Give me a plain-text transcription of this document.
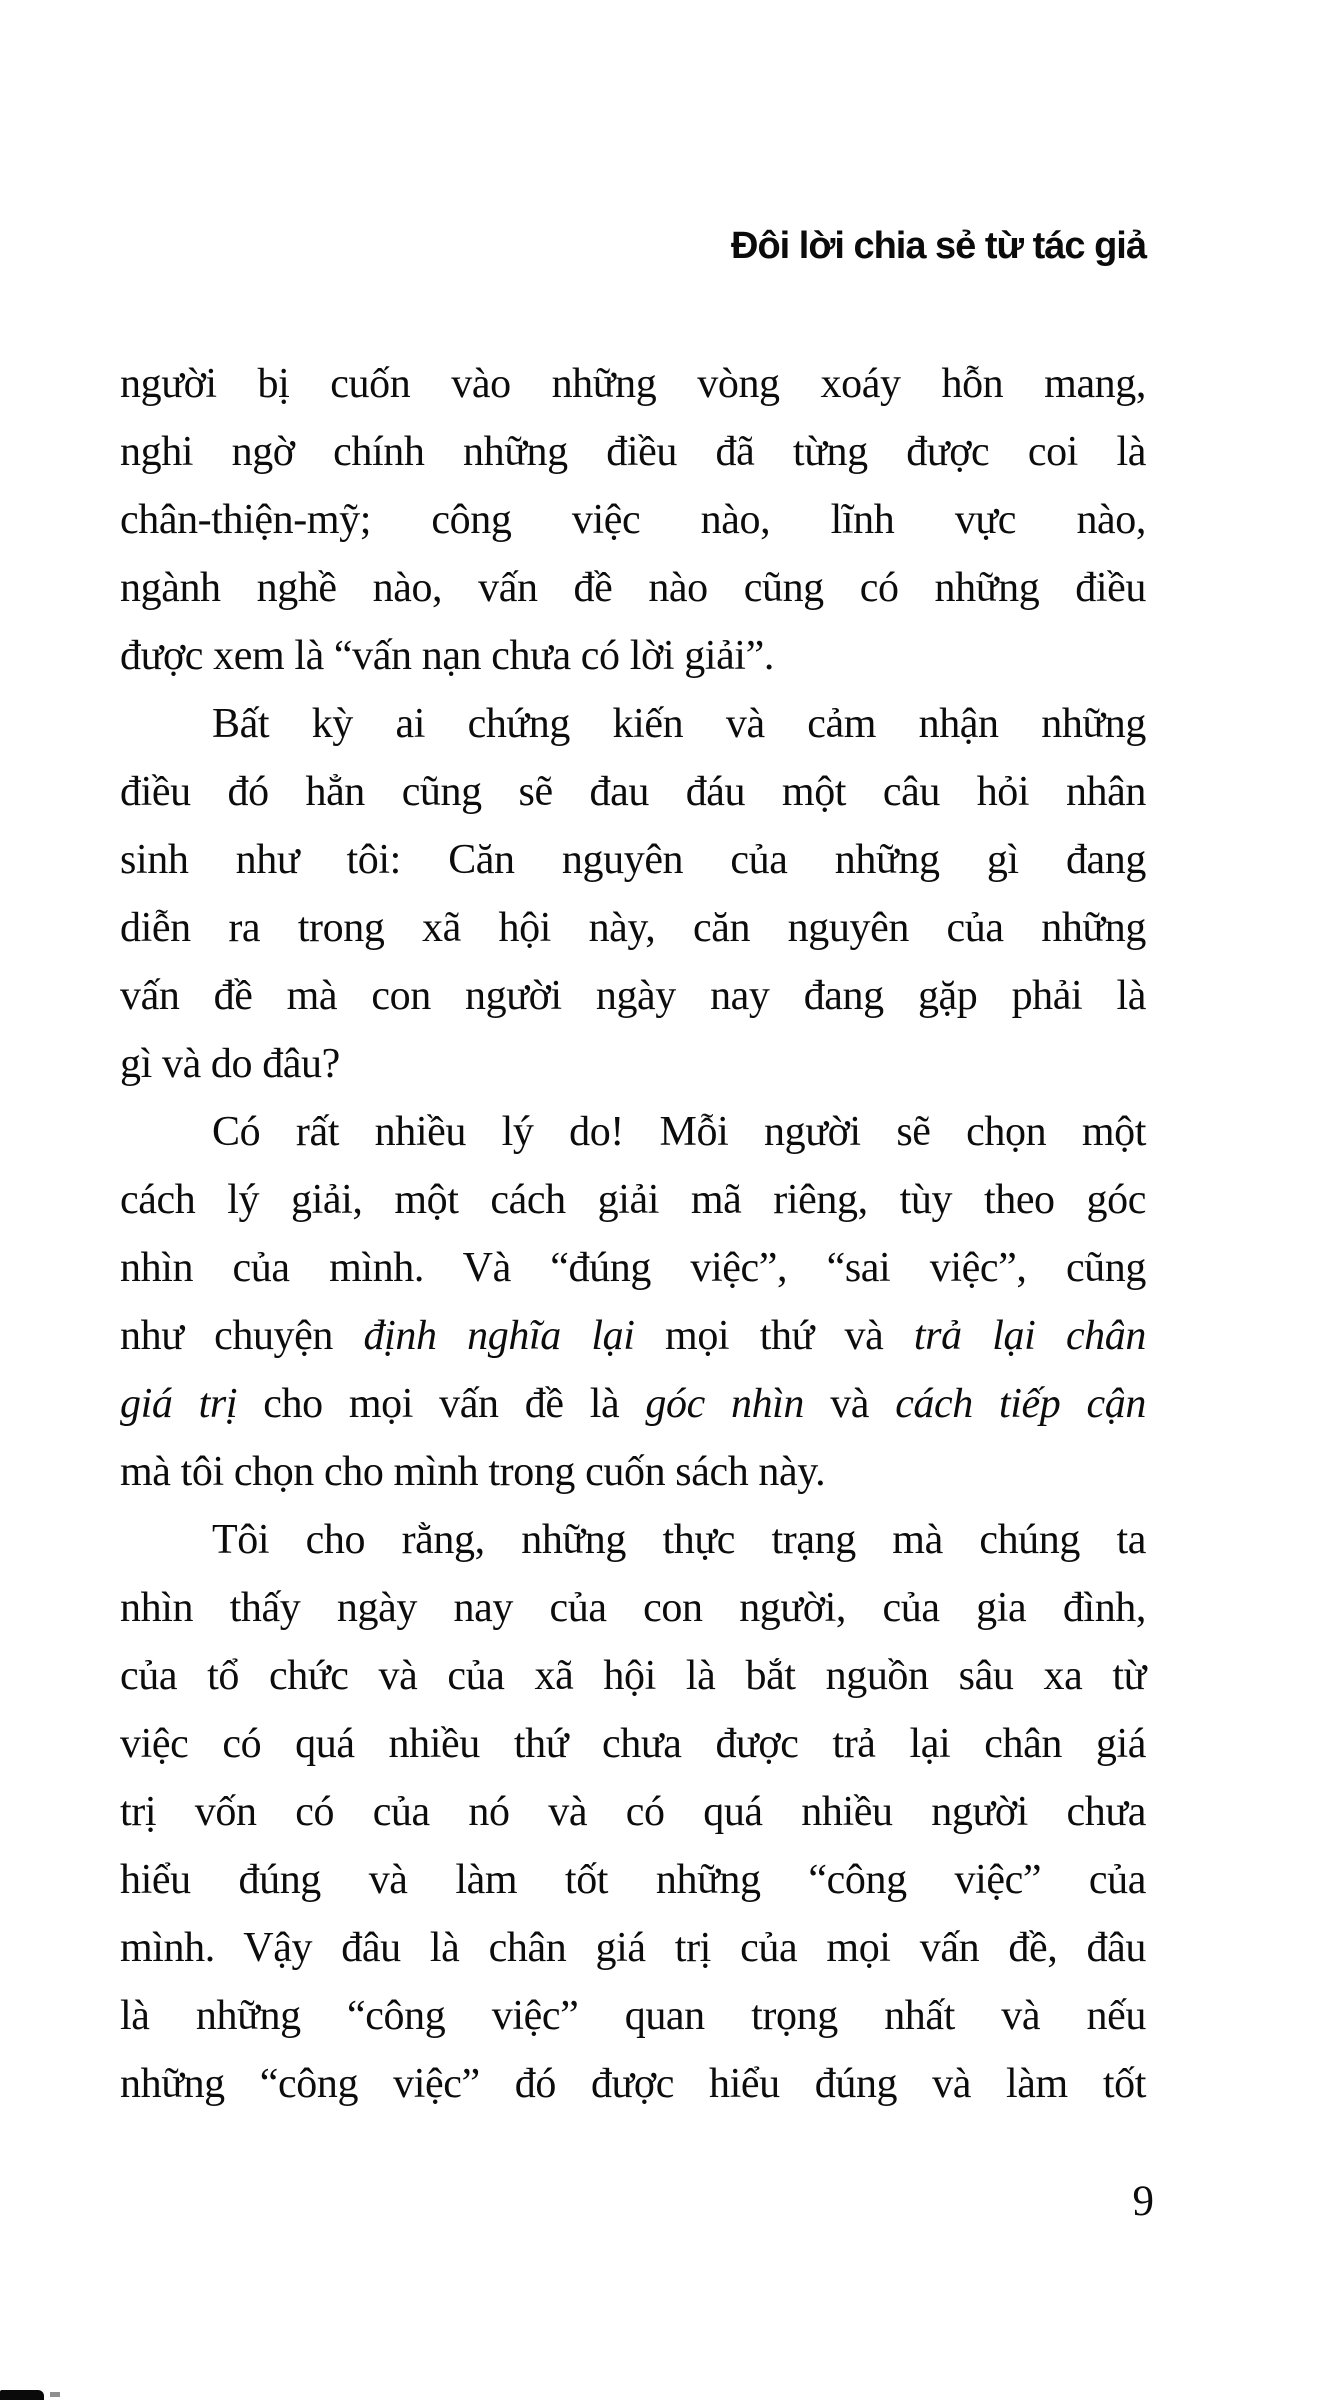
Đôi lời chia sẻ từ tác giả
người bị cuốn vào những vòng xoáy hỗn mang,
nghi ngờ chính những điều đã từng được coi là
chân-thiện-mỹ; công việc nào, lĩnh vực nào,
ngành nghề nào, vấn đề nào cũng có những điều
được xem là “vấn nạn chưa có lời giải”.
Bất kỳ ai chứng kiến và cảm nhận những
điều đó hẳn cũng sẽ đau đáu một câu hỏi nhân
sinh như tôi: Căn nguyên của những gì đang
diễn ra trong xã hội này, căn nguyên của những
vấn đề mà con người ngày nay đang gặp phải là
gì và do đâu?
Có rất nhiều lý do! Mỗi người sẽ chọn một
cách lý giải, một cách giải mã riêng, tùy theo góc
nhìn của mình. Và “đúng việc”, “sai việc”, cũng
như chuyện định nghĩa lại mọi thứ và trả lại chân
giá trị cho mọi vấn đề là góc nhìn và cách tiếp cận
mà tôi chọn cho mình trong cuốn sách này.
Tôi cho rằng, những thực trạng mà chúng ta
nhìn thấy ngày nay của con người, của gia đình,
của tổ chức và của xã hội là bắt nguồn sâu xa từ
việc có quá nhiều thứ chưa được trả lại chân giá
trị vốn có của nó và có quá nhiều người chưa
hiểu đúng và làm tốt những “công việc” của
mình. Vậy đâu là chân giá trị của mọi vấn đề, đâu
là những “công việc” quan trọng nhất và nếu
những “công việc” đó được hiểu đúng và làm tốt
9
